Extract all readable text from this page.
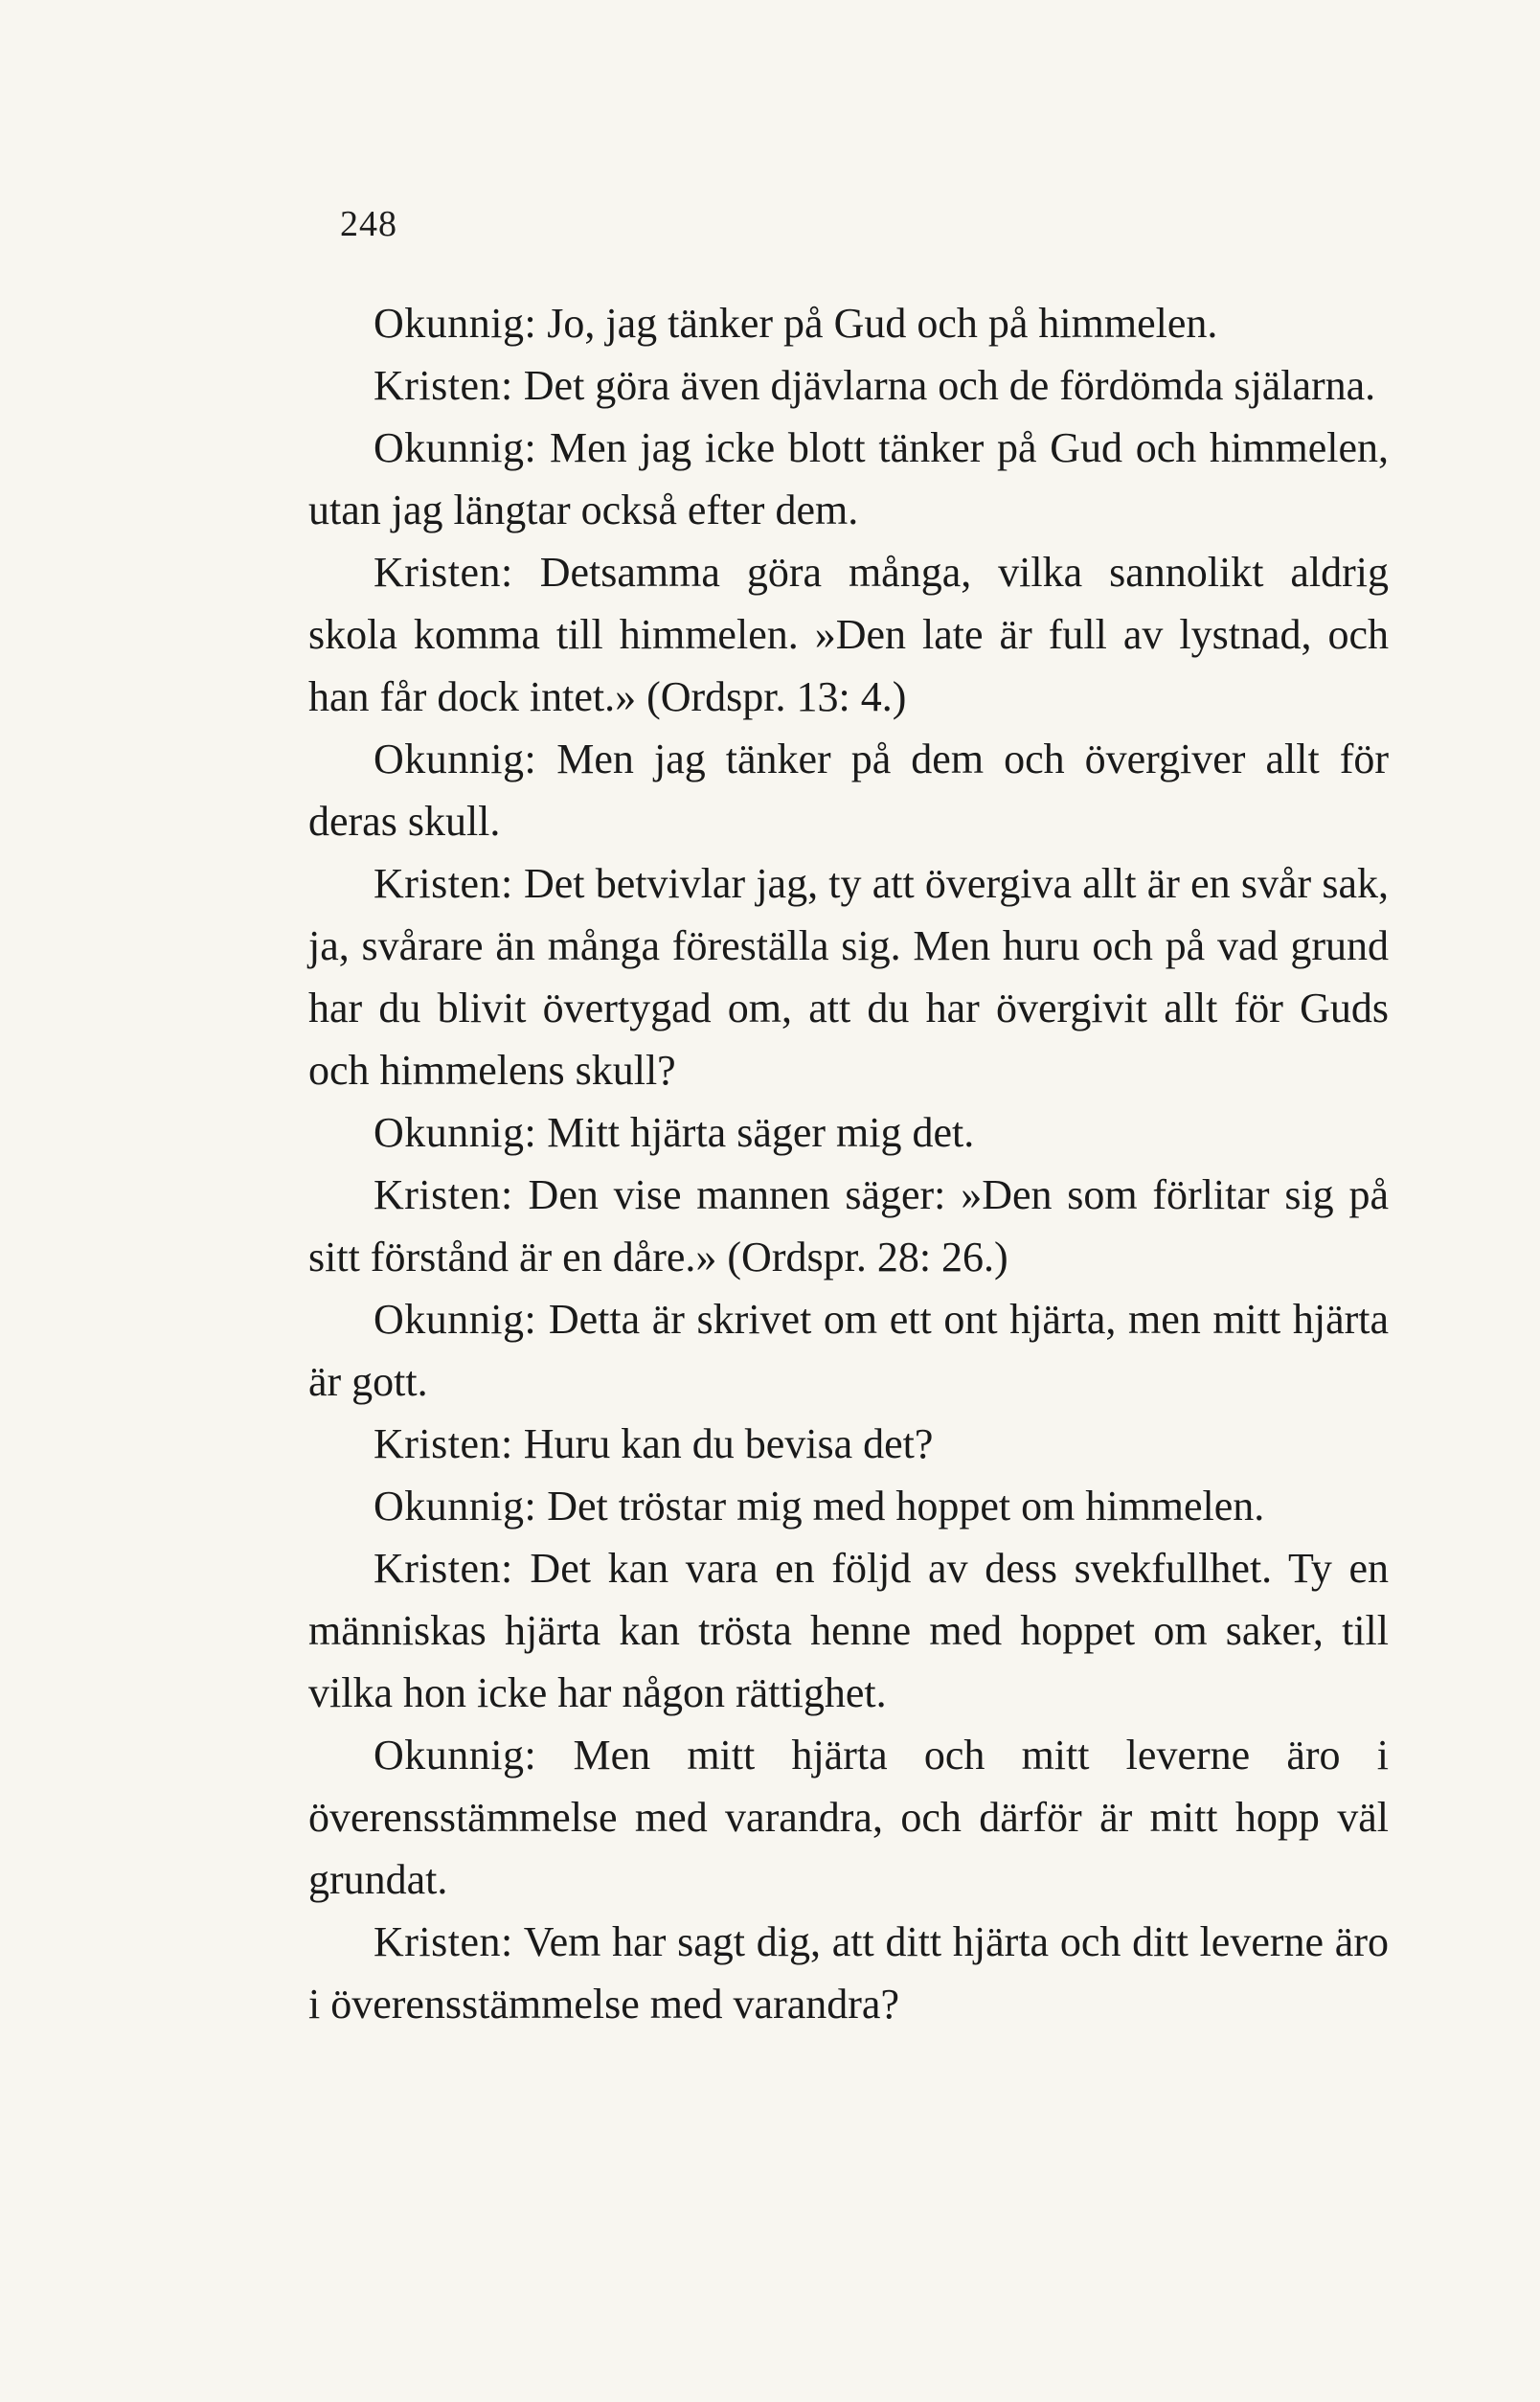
248

Okunnig: Jo, jag tänker på Gud och på himmelen.

Kristen: Det göra även djävlarna och de fördömda själarna.

Okunnig: Men jag icke blott tänker på Gud och himmelen, utan jag längtar också efter dem.

Kristen: Detsamma göra många, vilka sannolikt aldrig skola komma till himmelen. »Den late är full av lystnad, och han får dock intet.» (Ordspr. 13: 4.)

Okunnig: Men jag tänker på dem och övergiver allt för deras skull.

Kristen: Det betvivlar jag, ty att övergiva allt är en svår sak, ja, svårare än många föreställa sig. Men huru och på vad grund har du blivit övertygad om, att du har övergivit allt för Guds och himmelens skull?

Okunnig: Mitt hjärta säger mig det.

Kristen: Den vise mannen säger: »Den som förlitar sig på sitt förstånd är en dåre.» (Ordspr. 28: 26.)

Okunnig: Detta är skrivet om ett ont hjärta, men mitt hjärta är gott.

Kristen: Huru kan du bevisa det?

Okunnig: Det tröstar mig med hoppet om himmelen.

Kristen: Det kan vara en följd av dess svekfullhet. Ty en människas hjärta kan trösta henne med hoppet om saker, till vilka hon icke har någon rättighet.

Okunnig: Men mitt hjärta och mitt leverne äro i överensstämmelse med varandra, och därför är mitt hopp väl grundat.

Kristen: Vem har sagt dig, att ditt hjärta och ditt leverne äro i överensstämmelse med varandra?
